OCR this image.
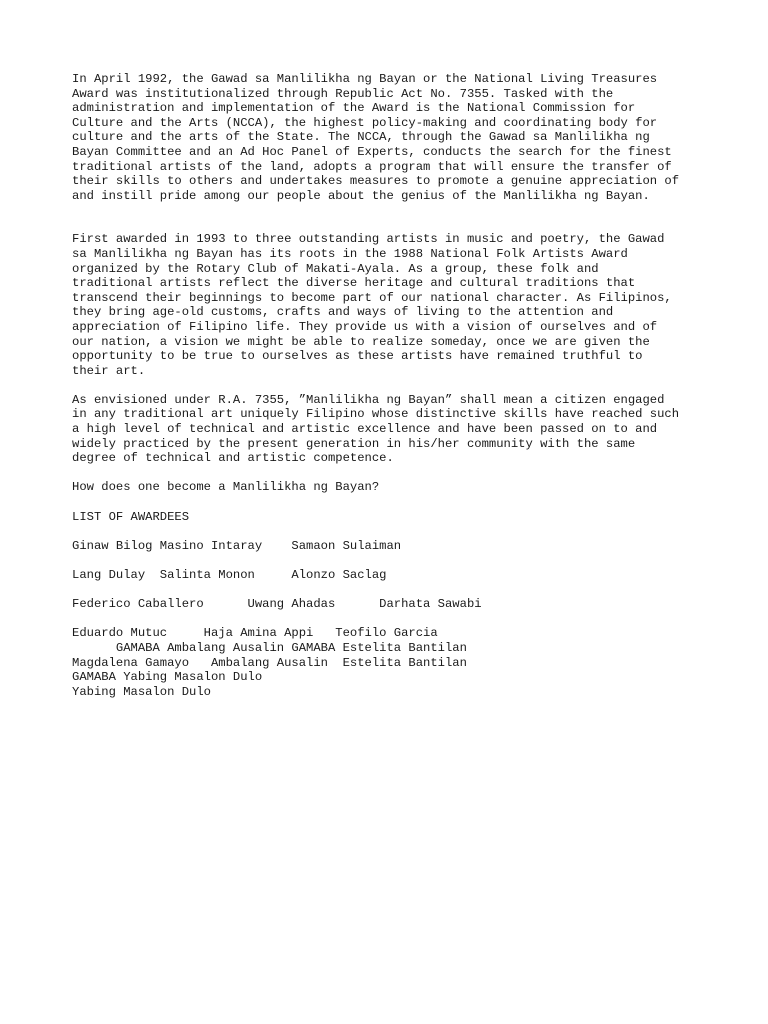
In April 1992, the Gawad sa Manlilikha ng Bayan or the National Living Treasures
Award was institutionalized through Republic Act No. 7355. Tasked with the
administration and implementation of the Award is the National Commission for
Culture and the Arts (NCCA), the highest policy-making and coordinating body for
culture and the arts of the State. The NCCA, through the Gawad sa Manlilikha ng
Bayan Committee and an Ad Hoc Panel of Experts, conducts the search for the finest
traditional artists of the land, adopts a program that will ensure the transfer of
their skills to others and undertakes measures to promote a genuine appreciation of
and instill pride among our people about the genius of the Manlilikha ng Bayan.
First awarded in 1993 to three outstanding artists in music and poetry, the Gawad
sa Manlilikha ng Bayan has its roots in the 1988 National Folk Artists Award
organized by the Rotary Club of Makati-Ayala. As a group, these folk and
traditional artists reflect the diverse heritage and cultural traditions that
transcend their beginnings to become part of our national character. As Filipinos,
they bring age-old customs, crafts and ways of living to the attention and
appreciation of Filipino life. They provide us with a vision of ourselves and of
our nation, a vision we might be able to realize someday, once we are given the
opportunity to be true to ourselves as these artists have remained truthful to
their art.
As envisioned under R.A. 7355, ”Manlilikha ng Bayan” shall mean a citizen engaged
in any traditional art uniquely Filipino whose distinctive skills have reached such
a high level of technical and artistic excellence and have been passed on to and
widely practiced by the present generation in his/her community with the same
degree of technical and artistic competence.
How does one become a Manlilikha ng Bayan?
LIST OF AWARDEES
Ginaw Bilog Masino Intaray    Samaon Sulaiman
Lang Dulay  Salinta Monon     Alonzo Saclag
Federico Caballero      Uwang Ahadas      Darhata Sawabi
Eduardo Mutuc     Haja Amina Appi   Teofilo Garcia
GAMABA Ambalang Ausalin GAMABA Estelita Bantilan
Magdalena Gamayo   Ambalang Ausalin  Estelita Bantilan
GAMABA Yabing Masalon Dulo
Yabing Masalon Dulo
